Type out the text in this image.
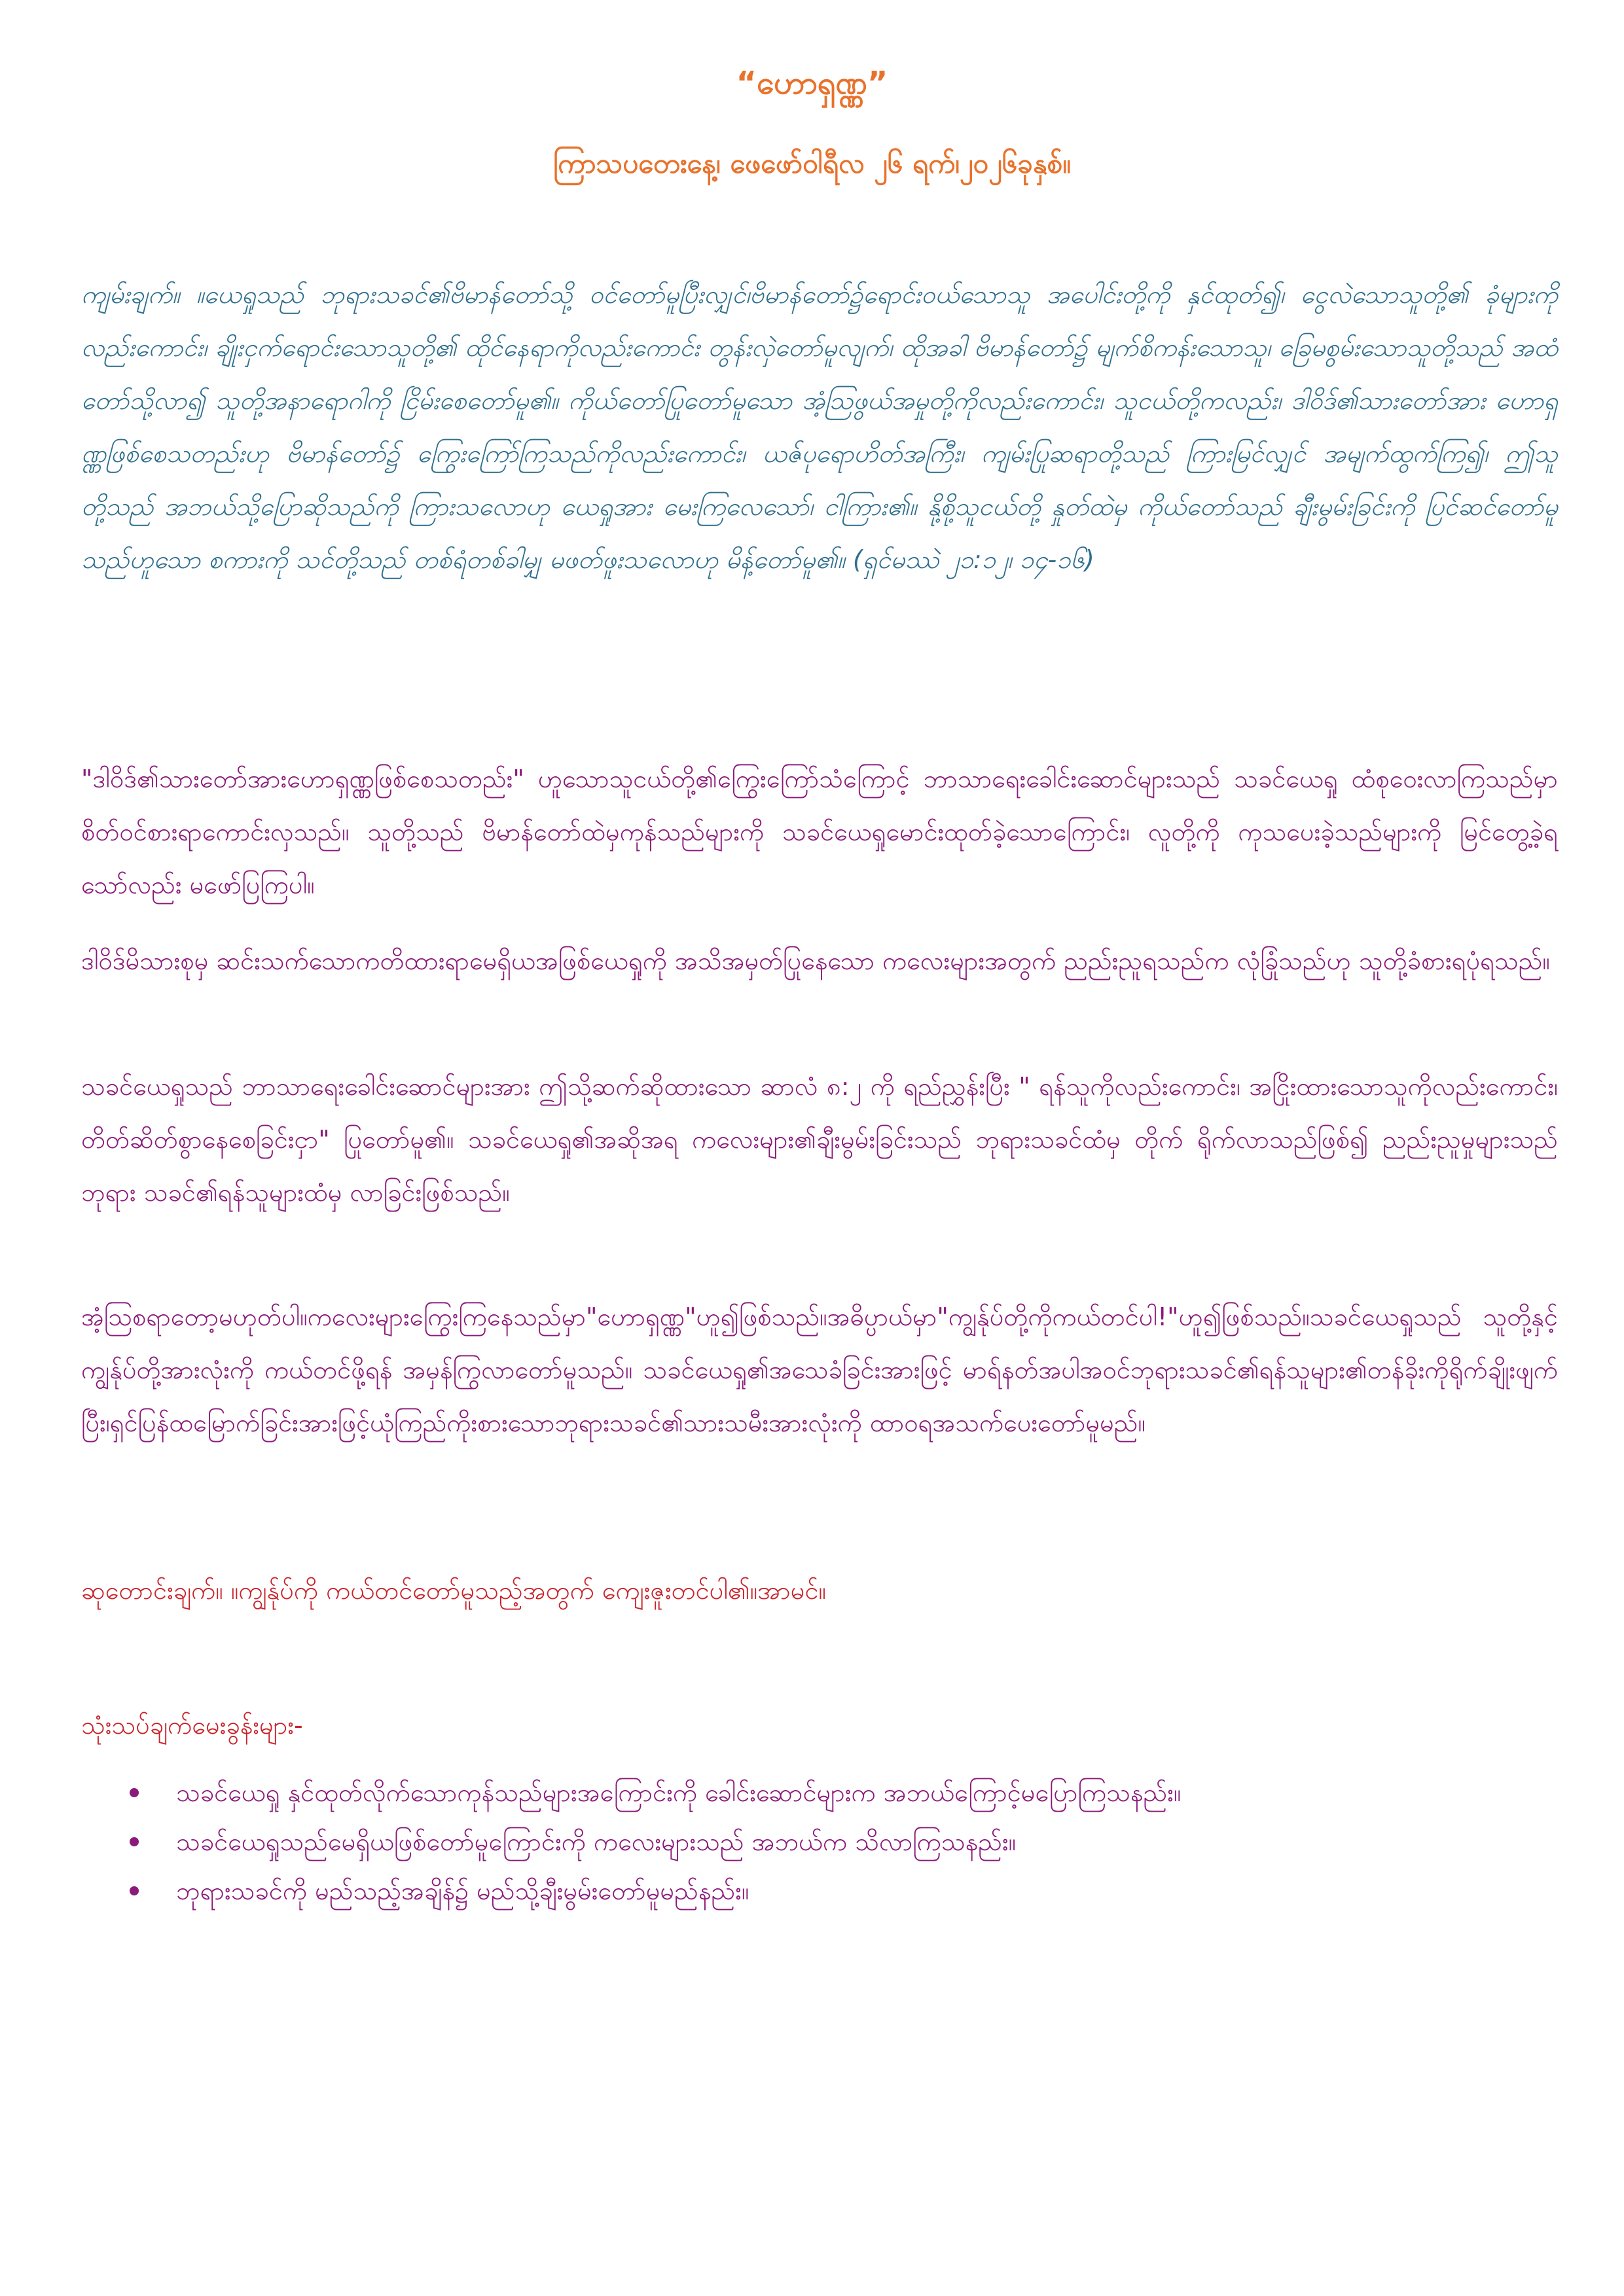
“ဟောရှဏ္ဏ”
ကြာသပတေးနေ့၊ ဖေဖော်ဝါရီလ ၂၆ ရက်၊၂၀၂၆ခုနှစ်။

ကျမ်းချက်။ ။ယေရှုသည် ဘုရားသခင်၏ဗိမာန်တော်သို့ ဝင်တော်မူပြီးလျှင်၊ဗိမာန်တော်၌ရောင်းဝယ်သောသူ အပေါင်းတို့ကို နှင်ထုတ်၍၊ ငွေလဲသောသူတို့၏ ခုံများကိုလည်းကောင်း၊ ချိုးငှက်ရောင်းသောသူတို့၏ ထိုင်နေရာကိုလည်းကောင်း တွန်းလှဲတော်မူလျက်၊ ထိုအခါ ဗိမာန်တော်၌ မျက်စိကန်းသောသူ၊ ခြေမစွမ်းသောသူတို့သည် အထံတော်သို့လာ၍ သူတို့အနာရောဂါကို ငြိမ်းစေတော်မူ၏။ ကိုယ်တော်ပြုတော်မူသော အံ့ဩဖွယ်အမှုတို့ကိုလည်းကောင်း၊ သူငယ်တို့ကလည်း၊ ဒါဝိဒ်၏သားတော်အား ဟောရှဏ္ဏဖြစ်စေသတည်းဟု ဗိမာန်တော်၌ ကြွေးကြော်ကြသည်ကိုလည်းကောင်း၊ ယဇ်ပုရောဟိတ်အကြီး၊ ကျမ်းပြုဆရာတို့သည် ကြားမြင်လျှင် အမျက်ထွက်ကြ၍၊ ဤသူတို့သည် အဘယ်သို့ပြောဆိုသည်ကို ကြားသလောဟု ယေရှုအား မေးကြလေသော်၊ ငါကြား၏။ နို့စို့သူငယ်တို့ နှုတ်ထဲမှ ကိုယ်တော်သည် ချီးမွမ်းခြင်းကို ပြင်ဆင်တော်မူသည်ဟူသော စကားကို သင်တို့သည် တစ်ရံတစ်ခါမျှ မဖတ်ဖူးသလောဟု မိန့်တော်မူ၏။ (ရှင်မဿဲ ၂၁:၁၂၊ ၁၄-၁၆)

"ဒါဝိဒ်၏သားတော်အားဟောရှဏ္ဏဖြစ်စေသတည်း" ဟူသောသူငယ်တို့၏ကြွေးကြော်သံကြောင့် ဘာသာရေးခေါင်းဆောင်များသည် သခင်ယေရှု ထံစုဝေးလာကြသည်မှာ စိတ်ဝင်စားရာကောင်းလှသည်။ သူတို့သည် ဗိမာန်တော်ထဲမှကုန်သည်များကို သခင်ယေရှုမောင်းထုတ်ခဲ့သောကြောင်း၊ လူတို့ကို ကုသပေးခဲ့သည်များကို မြင်တွေ့ခဲ့ရသော်လည်း မဖော်ပြကြပါ။

ဒါဝိဒ်မိသားစုမှ ဆင်းသက်သောကတိထားရာမေရှိယအဖြစ်ယေရှုကို အသိအမှတ်ပြုနေသော ကလေးများအတွက် ညည်းညူရသည်က လုံခြုံသည်ဟု သူတို့ခံစားရပုံရသည်။

သခင်ယေရှုသည် ဘာသာရေးခေါင်းဆောင်များအား ဤသို့ဆက်ဆိုထားသော ဆာလံ ၈:၂ ကို ရည်ညွှန်းပြီး " ရန်သူကိုလည်းကောင်း၊ အငြိုးထားသောသူကိုလည်းကောင်း၊ တိတ်ဆိတ်စွာနေစေခြင်းငှာ" ပြုတော်မူ၏။ သခင်ယေရှု၏အဆိုအရ ကလေးများ၏ချီးမွမ်းခြင်းသည် ဘုရားသခင်ထံမှ တိုက် ရိုက်လာသည်ဖြစ်၍ ညည်းညူမှုများသည် ဘုရား သခင်၏ရန်သူများထံမှ လာခြင်းဖြစ်သည်။

အံ့သြစရာတော့မဟုတ်ပါ။ကလေးများကြွေးကြနေသည်မှာ"ဟောရှဏ္ဏ"ဟူ၍ဖြစ်သည်။အဓိပ္ပာယ်မှာ"ကျွန်ုပ်တို့ကိုကယ်တင်ပါ!"ဟူ၍ဖြစ်သည်။သခင်ယေရှုသည် သူတို့နှင့်ကျွန်ုပ်တို့အားလုံးကို ကယ်တင်ဖို့ရန် အမှန်ကြွလာတော်မူသည်။ သခင်ယေရှု၏အသေခံခြင်းအားဖြင့် မာရ်နတ်အပါအဝင်ဘုရားသခင်၏ရန်သူများ၏တန်ခိုးကိုရိုက်ချိုးဖျက်ပြီး၊ရှင်ပြန်ထမြောက်ခြင်းအားဖြင့်ယုံကြည်ကိုးစားသောဘုရားသခင်၏သားသမီးအားလုံးကို ထာဝရအသက်ပေးတော်မူမည်။

ဆုတောင်းချက်။ ။ကျွန်ုပ်ကို ကယ်တင်တော်မူသည့်အတွက် ကျေးဇူးတင်ပါ၏။အာမင်။

သုံးသပ်ချက်မေးခွန်းများ-

သခင်ယေရှု နှင်ထုတ်လိုက်သောကုန်သည်များအကြောင်းကို ခေါင်းဆောင်များက အဘယ်ကြောင့်မပြောကြသနည်း။
သခင်ယေရှုသည်မေရှိယဖြစ်တော်မူကြောင်းကို ကလေးများသည် အဘယ်က သိလာကြသနည်း။
ဘုရားသခင်ကို မည်သည့်အချိန်၌ မည်သို့ချီးမွမ်းတော်မူမည်နည်း။
